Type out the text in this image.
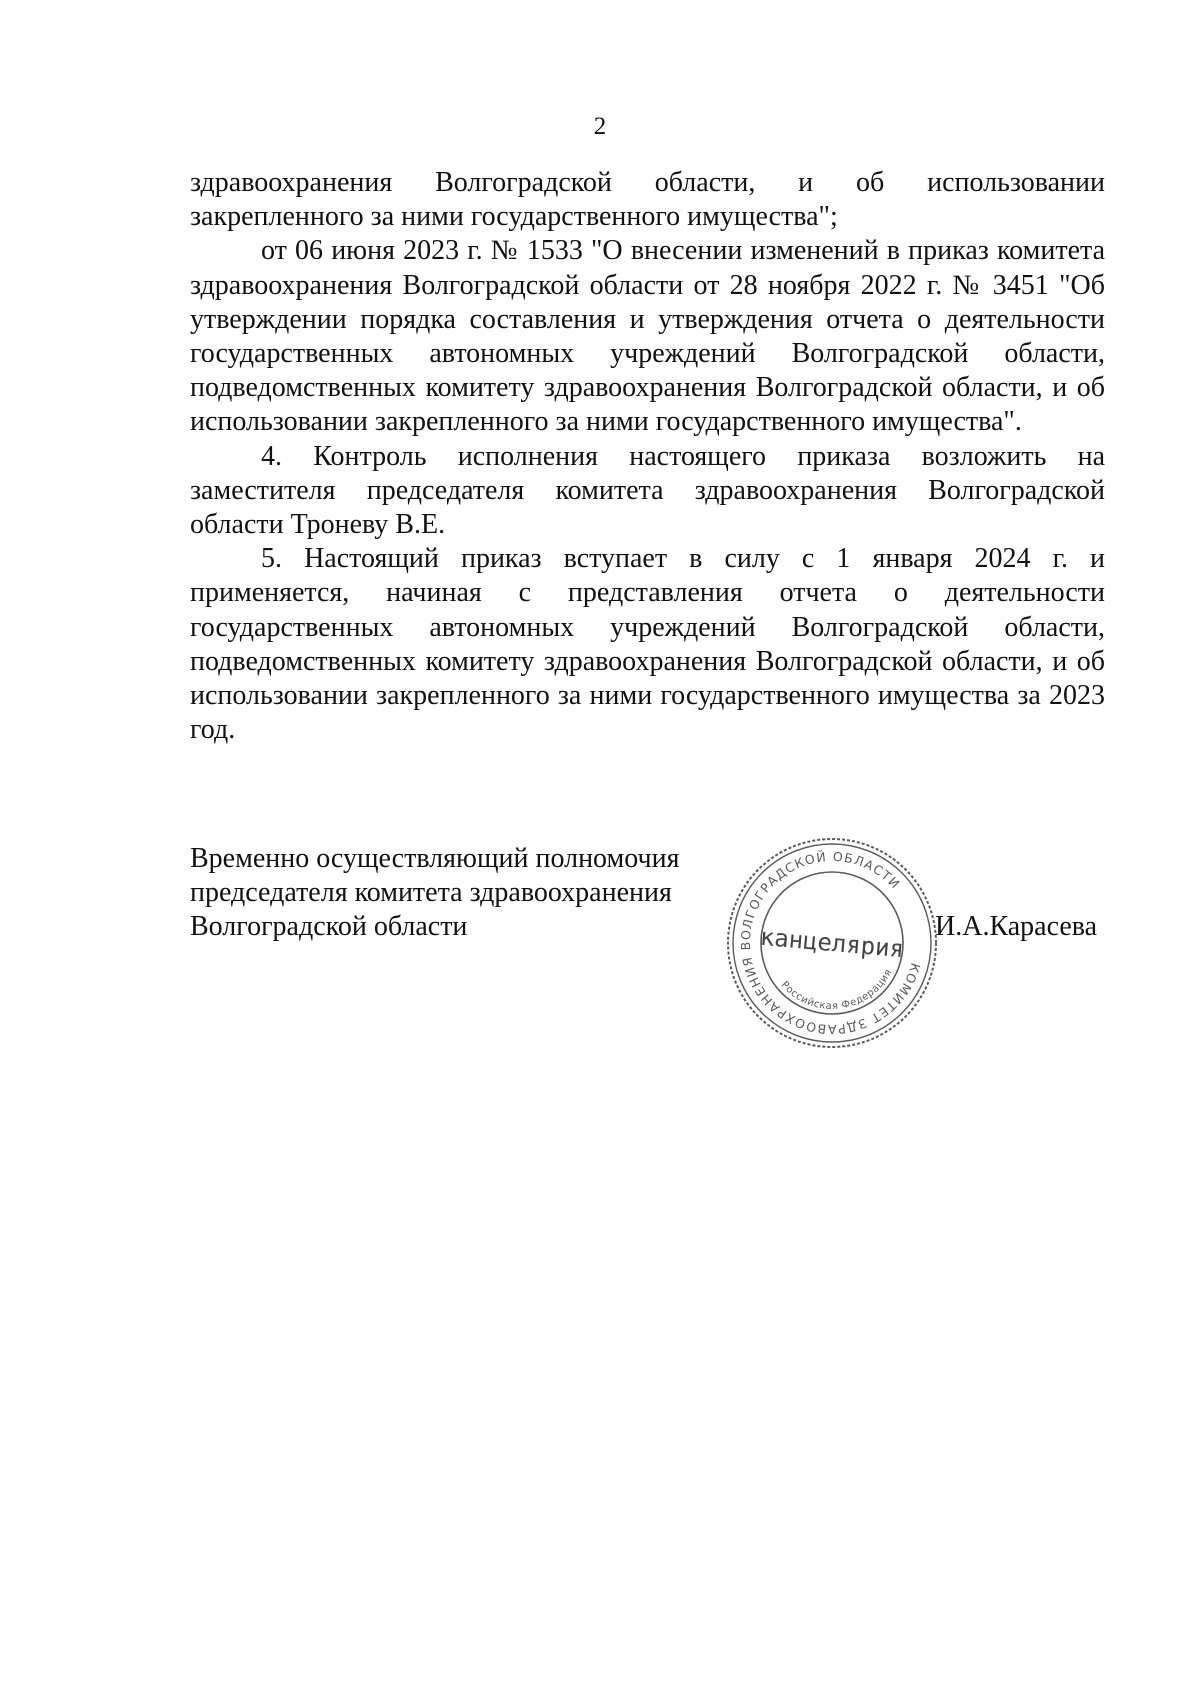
2

здравоохранения Волгоградской области, и об использовании закрепленного за ними государственного имущества";

от 06 июня 2023 г. № 1533 "О внесении изменений в приказ комитета здравоохранения Волгоградской области от 28 ноября 2022 г. № 3451 "Об утверждении порядка составления и утверждения отчета о деятельности государственных автономных учреждений Волгоградской области, подведомственных комитету здравоохранения Волгоградской области, и об использовании закрепленного за ними государственного имущества".

4. Контроль исполнения настоящего приказа возложить на заместителя председателя комитета здравоохранения Волгоградской области Троневу В.Е.

5. Настоящий приказ вступает в силу с 1 января 2024 г. и применяется, начиная с представления отчета о деятельности государственных автономных учреждений Волгоградской области, подведомственных комитету здравоохранения Волгоградской области, и об использовании закрепленного за ними государственного имущества за 2023 год.

Временно осуществляющий полномочия
председателя комитета здравоохранения
Волгоградской области
КОМИТЕТ ЗДРАВООХРАНЕНИЯ ВОЛГОГРАДСКОЙ ОБЛАСТИ
Российская Федерация
канцелярия И.А.Карасева
